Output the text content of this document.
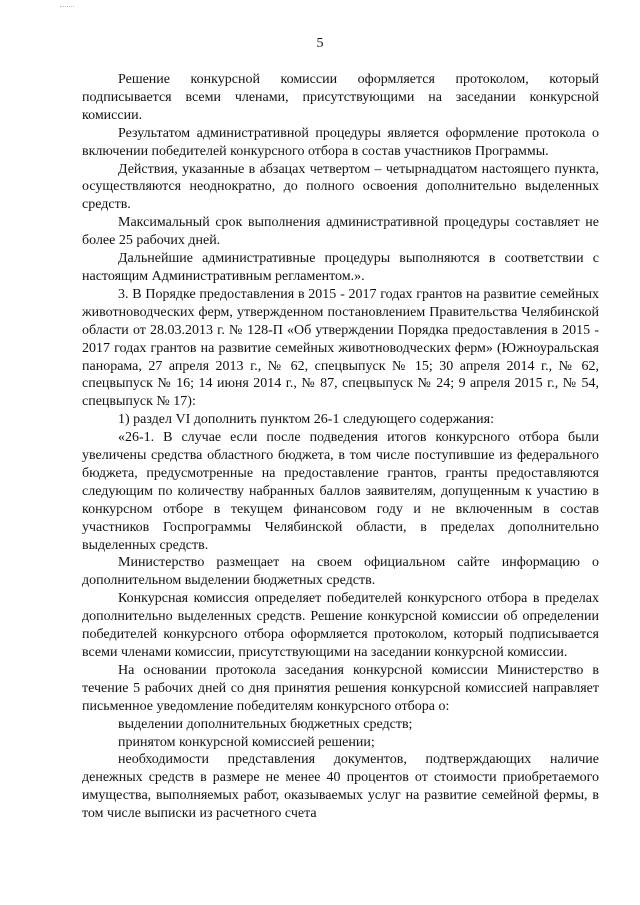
5

Решение конкурсной комиссии оформляется протоколом, который подписывается всеми членами, присутствующими на заседании конкурсной комиссии.

Результатом административной процедуры является оформление протокола о включении победителей конкурсного отбора в состав участников Программы.

Действия, указанные в абзацах четвертом – четырнадцатом настоящего пункта, осуществляются неоднократно, до полного освоения дополнительно выделенных средств.

Максимальный срок выполнения административной процедуры составляет не более 25 рабочих дней.

Дальнейшие административные процедуры выполняются в соответствии с настоящим Административным регламентом.».

3. В Порядке предоставления в 2015 - 2017 годах грантов на развитие семейных животноводческих ферм, утвержденном постановлением Правительства Челябинской области от 28.03.2013 г. № 128-П «Об утверждении Порядка предоставления в 2015 - 2017 годах грантов на развитие семейных животноводческих ферм» (Южноуральская панорама, 27 апреля 2013 г., № 62, спецвыпуск № 15; 30 апреля 2014 г., № 62, спецвыпуск № 16; 14 июня 2014 г., № 87, спецвыпуск № 24; 9 апреля 2015 г., № 54, спецвыпуск № 17):

1) раздел VI дополнить пунктом 26-1 следующего содержания:

«26-1. В случае если после подведения итогов конкурсного отбора были увеличены средства областного бюджета, в том числе поступившие из федерального бюджета, предусмотренные на предоставление грантов, гранты предоставляются следующим по количеству набранных баллов заявителям, допущенным к участию в конкурсном отборе в текущем финансовом году и не включенным в состав участников Госпрограммы Челябинской области, в пределах дополнительно выделенных средств.

Министерство размещает на своем официальном сайте информацию о дополнительном выделении бюджетных средств.

Конкурсная комиссия определяет победителей конкурсного отбора в пределах дополнительно выделенных средств. Решение конкурсной комиссии об определении победителей конкурсного отбора оформляется протоколом, который подписывается всеми членами комиссии, присутствующими на заседании конкурсной комиссии.

На основании протокола заседания конкурсной комиссии Министерство в течение 5 рабочих дней со дня принятия решения конкурсной комиссией направляет письменное уведомление победителям конкурсного отбора о:

выделении дополнительных бюджетных средств;

принятом конкурсной комиссией решении;

необходимости представления документов, подтверждающих наличие денежных средств в размере не менее 40 процентов от стоимости приобретаемого имущества, выполняемых работ, оказываемых услуг на развитие семейной фермы, в том числе выписки из расчетного счета
